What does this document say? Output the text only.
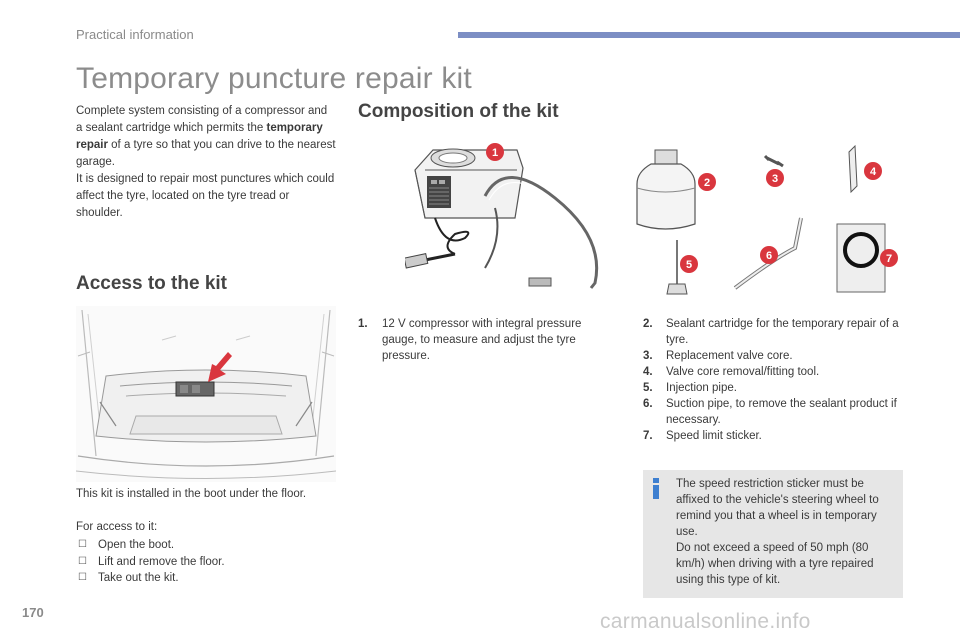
Practical information
Temporary puncture repair kit
Complete system consisting of a compressor and a sealant cartridge which permits the temporary repair of a tyre so that you can drive to the nearest garage.
It is designed to repair most punctures which could affect the tyre, located on the tyre tread or shoulder.
Access to the kit
This kit is installed in the boot under the floor.
For access to it:
☐ Open the boot.
☐ Lift and remove the floor.
☐ Take out the kit.
Composition of the kit
1
2	3
4
5
6	7
1. 12 V compressor with integral pressure gauge, to measure and adjust the tyre pressure.
2.	Sealant cartridge for the temporary repair of a tyre.
3.	Replacement valve core.
4.	Valve core removal/fitting tool.
5.	Injection pipe.
6.	Suction pipe, to remove the sealant product if necessary.
7.	Speed limit sticker.
The speed restriction sticker must be affixed to the vehicle's steering wheel to remind you that a wheel is in temporary use.
Do not exceed a speed of 50 mph (80 km/h) when driving with a tyre repaired using this type of kit.
170	carmanualsonline.info
